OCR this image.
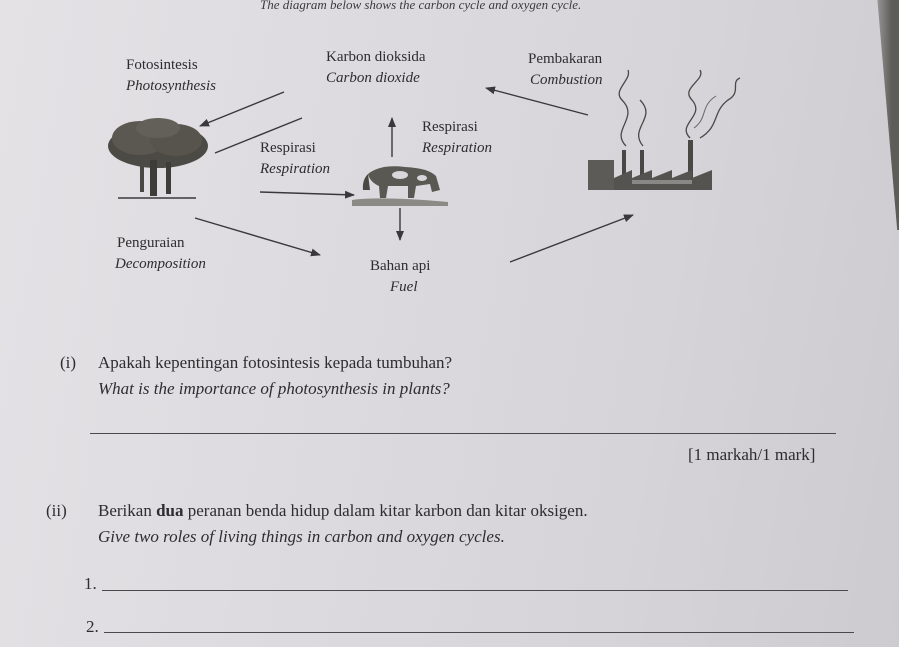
The diagram below shows the carbon cycle and oxygen cycle.
Fotosintesis
Photosynthesis
Karbon dioksida
Carbon dioxide
Pembakaran
Combustion
Respirasi
Respiration
Respirasi
Respiration
Penguraian
Decomposition	Bahan api
Fuel
(i) Apakah kepentingan fotosintesis kepada tumbuhan?
What is the importance of photosynthesis in plants?
[1 markah/1 mark]
(ii) Berikan dua peranan benda hidup dalam kitar karbon dan kitar oksigen.
Give two roles of living things in carbon and oxygen cycles.
1.
2.
